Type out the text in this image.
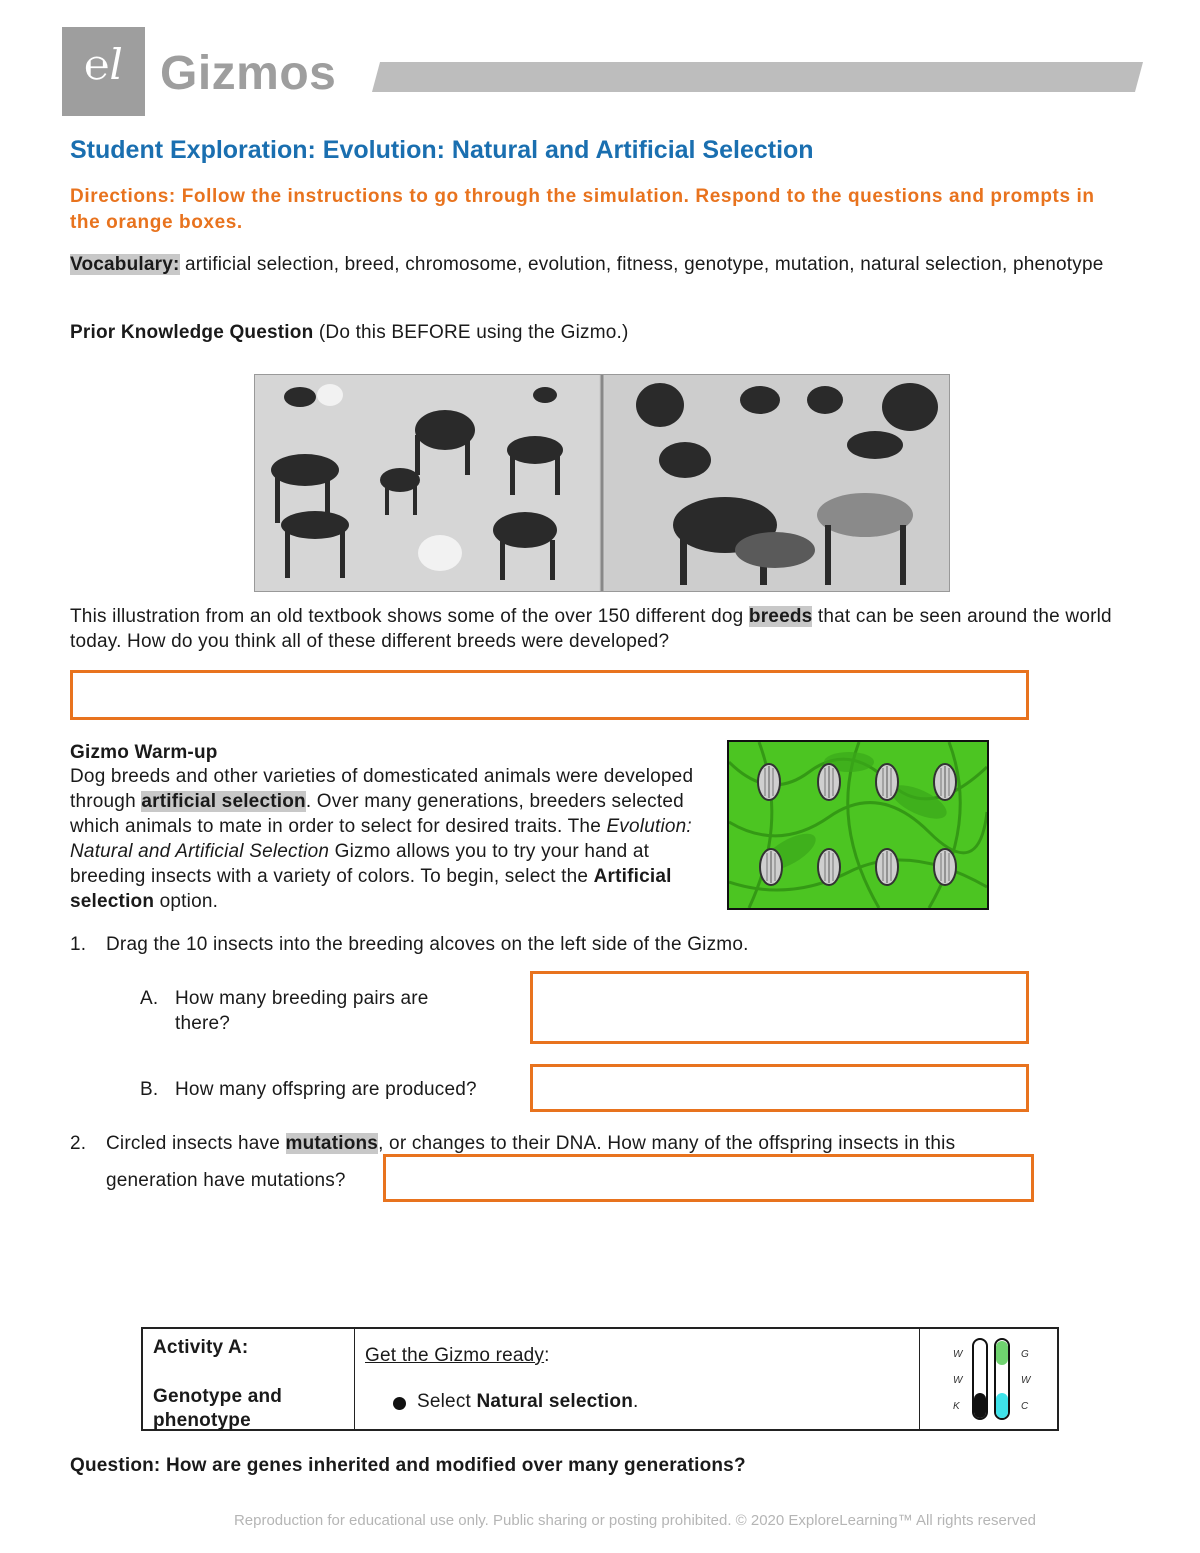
℮l Gizmos
Student Exploration: Evolution: Natural and Artificial Selection
Directions: Follow the instructions to go through the simulation. Respond to the questions and prompts in the orange boxes.
Vocabulary: artificial selection, breed, chromosome, evolution, fitness, genotype, mutation, natural selection, phenotype
Prior Knowledge Question (Do this BEFORE using the Gizmo.)
This illustration from an old textbook shows some of the over 150 different dog breeds that can be seen around the world today. How do you think all of these different breeds were developed?
Gizmo Warm-up
Dog breeds and other varieties of domesticated animals were developed through artificial selection. Over many generations, breeders selected which animals to mate in order to select for desired traits. The Evolution: Natural and Artificial Selection Gizmo allows you to try your hand at breeding insects with a variety of colors. To begin, select the Artificial selection option.
1. Drag the 10 insects into the breeding alcoves on the left side of the Gizmo.
A. How many breeding pairs are there?
B. How many offspring are produced?
2. Circled insects have mutations, or changes to their DNA. How many of the offspring insects in this
generation have mutations?
Activity A:
Genotype and phenotype
Get the Gizmo ready:
Select Natural selection.
W
W
K
G
W
C
Question: How are genes inherited and modified over many generations?
Reproduction for educational use only. Public sharing or posting prohibited. © 2020 ExploreLearning™ All rights reserved
